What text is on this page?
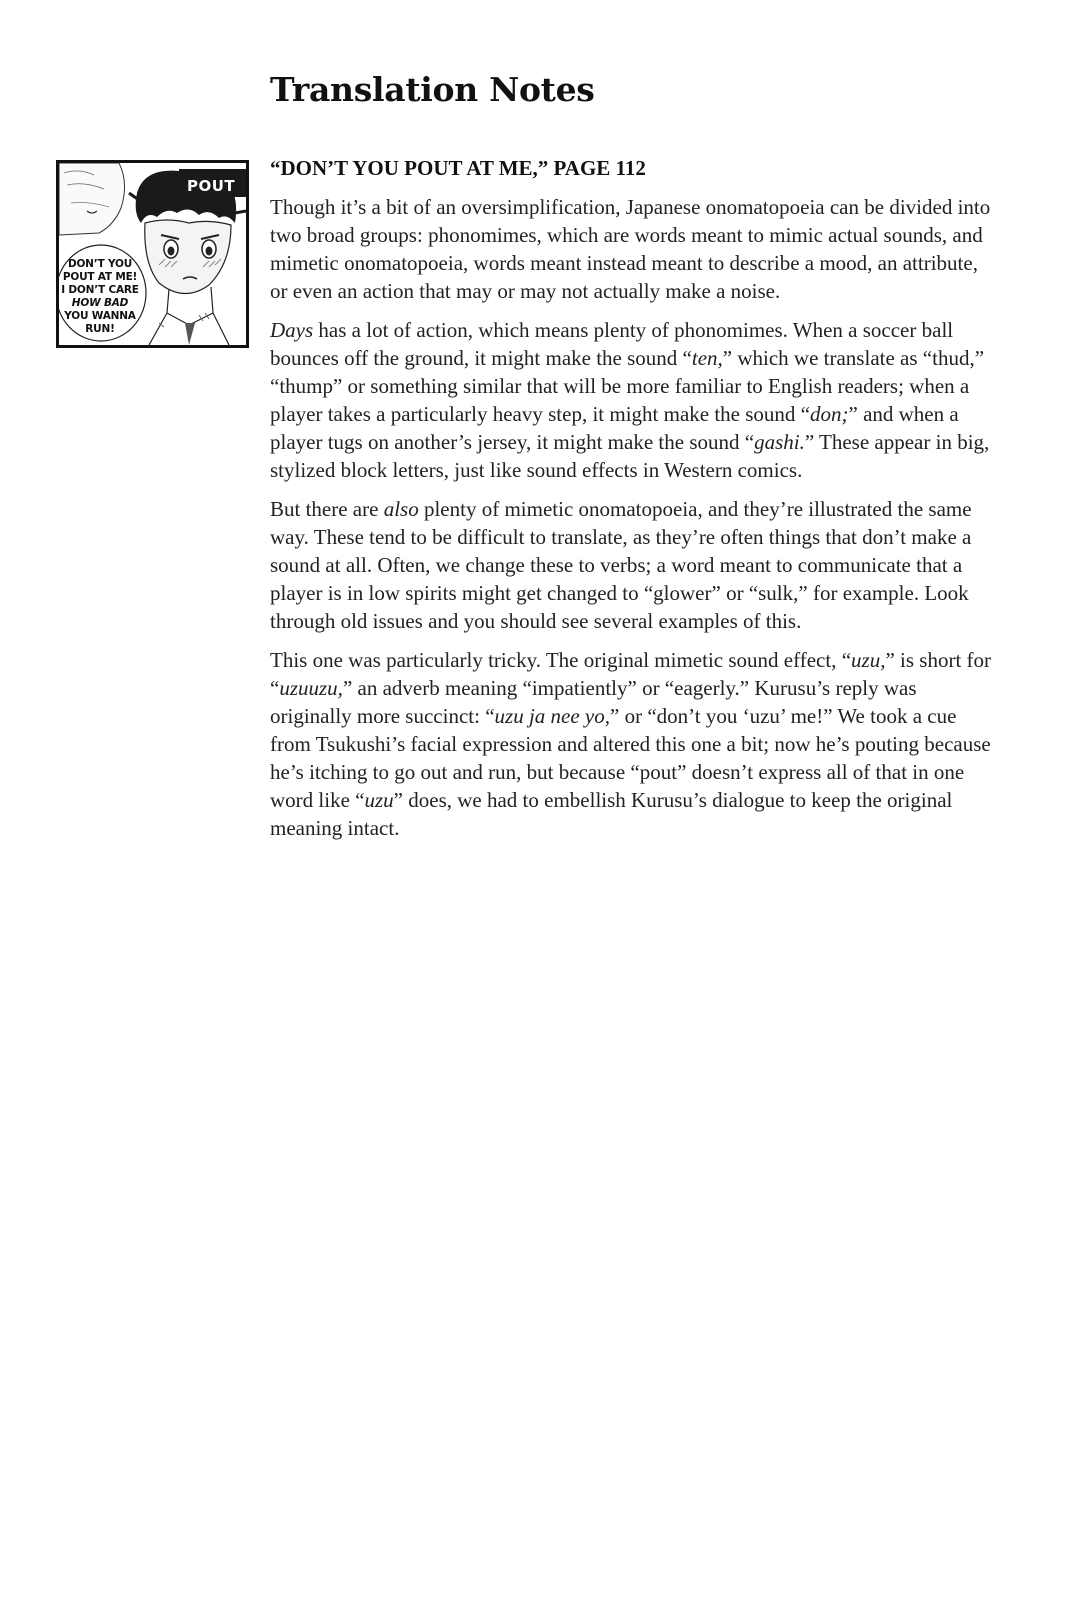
Translation Notes
POUT
DON’T YOU
POUT AT ME!
I DON’T CARE
HOW BAD
YOU WANNA
RUN!
“DON’T YOU POUT AT ME,” PAGE 112

Though it’s a bit of an oversimplification, Japanese onomatopoeia can be divided into two broad groups: phonomimes, which are words meant to mimic actual sounds, and mimetic onomatopoeia, words meant instead meant to describe a mood, an attribute, or even an action that may or may not actually make a noise.

Days has a lot of action, which means plenty of phonomimes. When a soccer ball bounces off the ground, it might make the sound “ten,” which we translate as “thud,” “thump” or something similar that will be more familiar to English readers; when a player takes a particularly heavy step, it might make the sound “don;” and when a player tugs on another’s jersey, it might make the sound “gashi.” These appear in big, stylized block letters, just like sound effects in Western comics.

But there are also plenty of mimetic onomatopoeia, and they’re illustrated the same way. These tend to be difficult to translate, as they’re often things that don’t make a sound at all. Often, we change these to verbs; a word meant to communicate that a player is in low spirits might get changed to “glower” or “sulk,” for example. Look through old issues and you should see several examples of this.

This one was particularly tricky. The original mimetic sound effect, “uzu,” is short for “uzuuzu,” an adverb meaning “impatiently” or “eagerly.” Kurusu’s reply was originally more succinct: “uzu ja nee yo,” or “don’t you ‘uzu’ me!” We took a cue from Tsukushi’s facial expression and altered this one a bit; now he’s pouting because he’s itching to go out and run, but because “pout” doesn’t express all of that in one word like “uzu” does, we had to embellish Kurusu’s dialogue to keep the original meaning intact.
